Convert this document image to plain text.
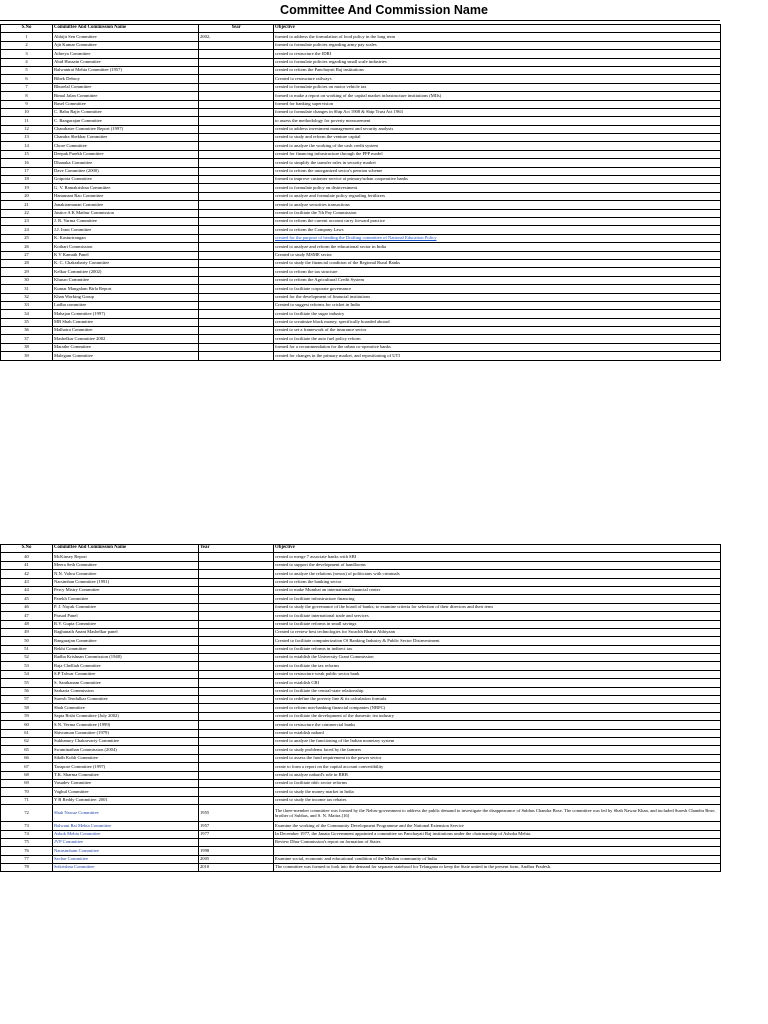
Committee And Commission Name
S.No	Committee And Commission Name	Year	Objective
1	Abhijit Sen Committee	2002,	formed to address the formulation of food policy in the long term
2	Ajit Kumar Committee		formed to formulate policies regarding army pay scales
3	Athreya Committee		created to restructure the IDBI
4	Abid Hussain Committee		created to formulate policies regarding small scale industries
5	Balwantrai Mehta Committee (1957)		created to reform the Panchayati Raj institutions
6	Bibek Debroy		Created to restructure railways
7	Bhurelal Committee		created to formulate policies on motor vehicle tax
8	Bimal Jalan Committee		formed to make a report on working of the capital market infrastructure institutions (MIIs)
9	Basel Committee		formed for banking supervision
10	C. Babu Rajiv Committee		formed to formulate changes in Ship Act 1908 & Ship Trust Act 1963
11	C. Rangarajan Committee		to assess the methodology for poverty measurement
12	Chandratre Committee Report (1997)		created to address investment management and security analysis
13	Chandra Shekhar Committee		created to study and reform the venture capital
14	Chore Committee		created to analyze the working of the cash credit system
15	Deepak Parekh Committee		created for financing infrastructure through the PPP model
16	Dhanuka Committee		created to simplify the transfer rules in security market
17	Dave Committee (2000)		created to reform the unorganized sector's pension scheme
18	Goiporia Committee		formed to improve customer service at primary/urban cooperative banks
19	G. V. Ramakrishna Committee		created to formulate policy on disinvestment
20	Hanumant Rao Committee		created to analyze and formulate policy regarding fertilizers
21	Janakiramanan Committee		created to analyze securities transactions
22	Justice A K Mathur Commission		created to facilitate the 7th Pay Commission
23	J. R. Varma Committee		created to reform the current account carry forward practice
24	J.J. Irani Committee		created to reform the Company Laws
25	K. Kasturirangan		created for the purpose of heading the Drafting committee of National Education Policy
26	Kothari Commission		created to analyze and reform the educational sector in India
27	K V Kamath Panel		Created to study MSME sector
28	K. C. Chakrabarty Committee		created to study the financial condition of the Regional Rural Banks
29	Kelkar Committee (2002)		created to reform the tax structure
30	Khusro Committee		created to reform the Agricultural Credit System
31	Kumar Mangalam Birla Report		created to facilitate corporate governance
32	Khan Working Group		created for the development of financial institutions
33	Lodha committee		Created to suggest reforms for cricket in India
34	Mahajan Committee (1997)		created to facilitate the sugar industry
35	MB Shah Committee		created to scrutinize black money, specifically hoarded abroad
36	Malhotra Committee		created to set a framework of the insurance sector
37	Mashelkar Committee 2002		created to facilitate the auto fuel policy reform
38	Marathe Committee		formed for a recommendation for the urban co-operative banks
39	Malegam Committee		created for changes in the primary market, and repositioning of UTI
S.No	Committee And Commission Name	Year	Objective
40	McKinsey Report		created to merge 7 associate banks with SBI
41	Meera Seth Committee		created to support the development of handlooms
42	N.N. Vohra Committee		created to analyze the relations (nexus) of politicians with criminals
43	Narsimhan Committee (1991)		created to reform the banking sector
44	Percy Mistry Committee		created to make Mumbai an international financial center
45	Parekh Committee		created to facilitate infrastructure financing
46	P. J. Nayak Committee		formed to study the governance of the board of banks; to examine criteria for selection of their directors and their term
47	Prasad Panel		created to facilitate international trade and services
48	R.V. Gupta Committee		created to facilitate reforms in small savings
49	Raghunath Anant Mashelkar panel		Created to review best technologies for Swachh Bharat Abhiyaan
50	Rangarajan Committee		Created to facilitate computerization Of Banking Industry & Public Sector Disinvestment
51	Rekhi Committee		created to facilitate reforms in indirect tax
52	Radha Krishnan Commission (1948)		created to establish the University Grant Commission
53	Raja Chelliah Committee		created to facilitate the tax reforms
54	S.P Talwar Committee		created to restructure weak public sector bank
55	S. Santhanam Committee		created to establish CBI
56	Sarkaria Commission		created to facilitate the central-state relationship
57	Suresh Tendulkar Committee		created to redefine the poverty line & its calculation formula
58	Shah Committee		created to reform non-banking financial companies (NBFC)
59	Sapta Rishi Committee (July 2002)		created to facilitate the development of the domestic tea industry
60	S.N. Verma Committee (1999)		created to restructure the commercial banks
61	Shivraman Committee (1979)		created to establish nabard
62	Sukhamoy Chakravarty Committee		created to analyze the functioning of the Indian monetary system
65	Swaminathan Commission (2004)		created to study problems faced by the farmers
66	Sikdh Kohli Committee		created to assess the fund requirement in the power sector
67	Tarapore Committee (1997)		create to form a report on the capital account convertibility
68	T.K. Sharma Committee		created to analyze nabard's role in RRB
69	Vasudev Committee		created to facilitate nbfc sector reforms
70	Vaghul Committee		created to study the money market in India
71	Y B Reddy Committee: 2001		created to study the income tax rebates
72	Shah Nawaz Committee	1955	The three-member committee was formed by the Nehru-government to address the public demand to investigate the disappearance of Subhas Chandra Bose. The committee was led by Shah Nawaz Khan, and included Suresh Chandra Bose, brother of Subhas, and S. N. Maitra.[16]
73	Balwant Rai Mehta Committee	1957	Examine the working of the Community Development Programme and the National Extension Service
74	Ashok Mehta Committee	1977	In December 1977, the Janata Government appointed a committee on Panchayati Raj institutions under the chairmanship of Ashoka Mehta.
75	JVP Committee		Review Dhar Commission's report on formation of States
76	Narasimham Committee	1998	
77	Sachar Committee	2005	Examine social, economic and educational condition of the Muslim community of India
78	Srikrishna Committee	2010	The committee was formed to look into the demand for separate statehood for Telangana or keep the State united in the present form, Andhra Pradesh.
